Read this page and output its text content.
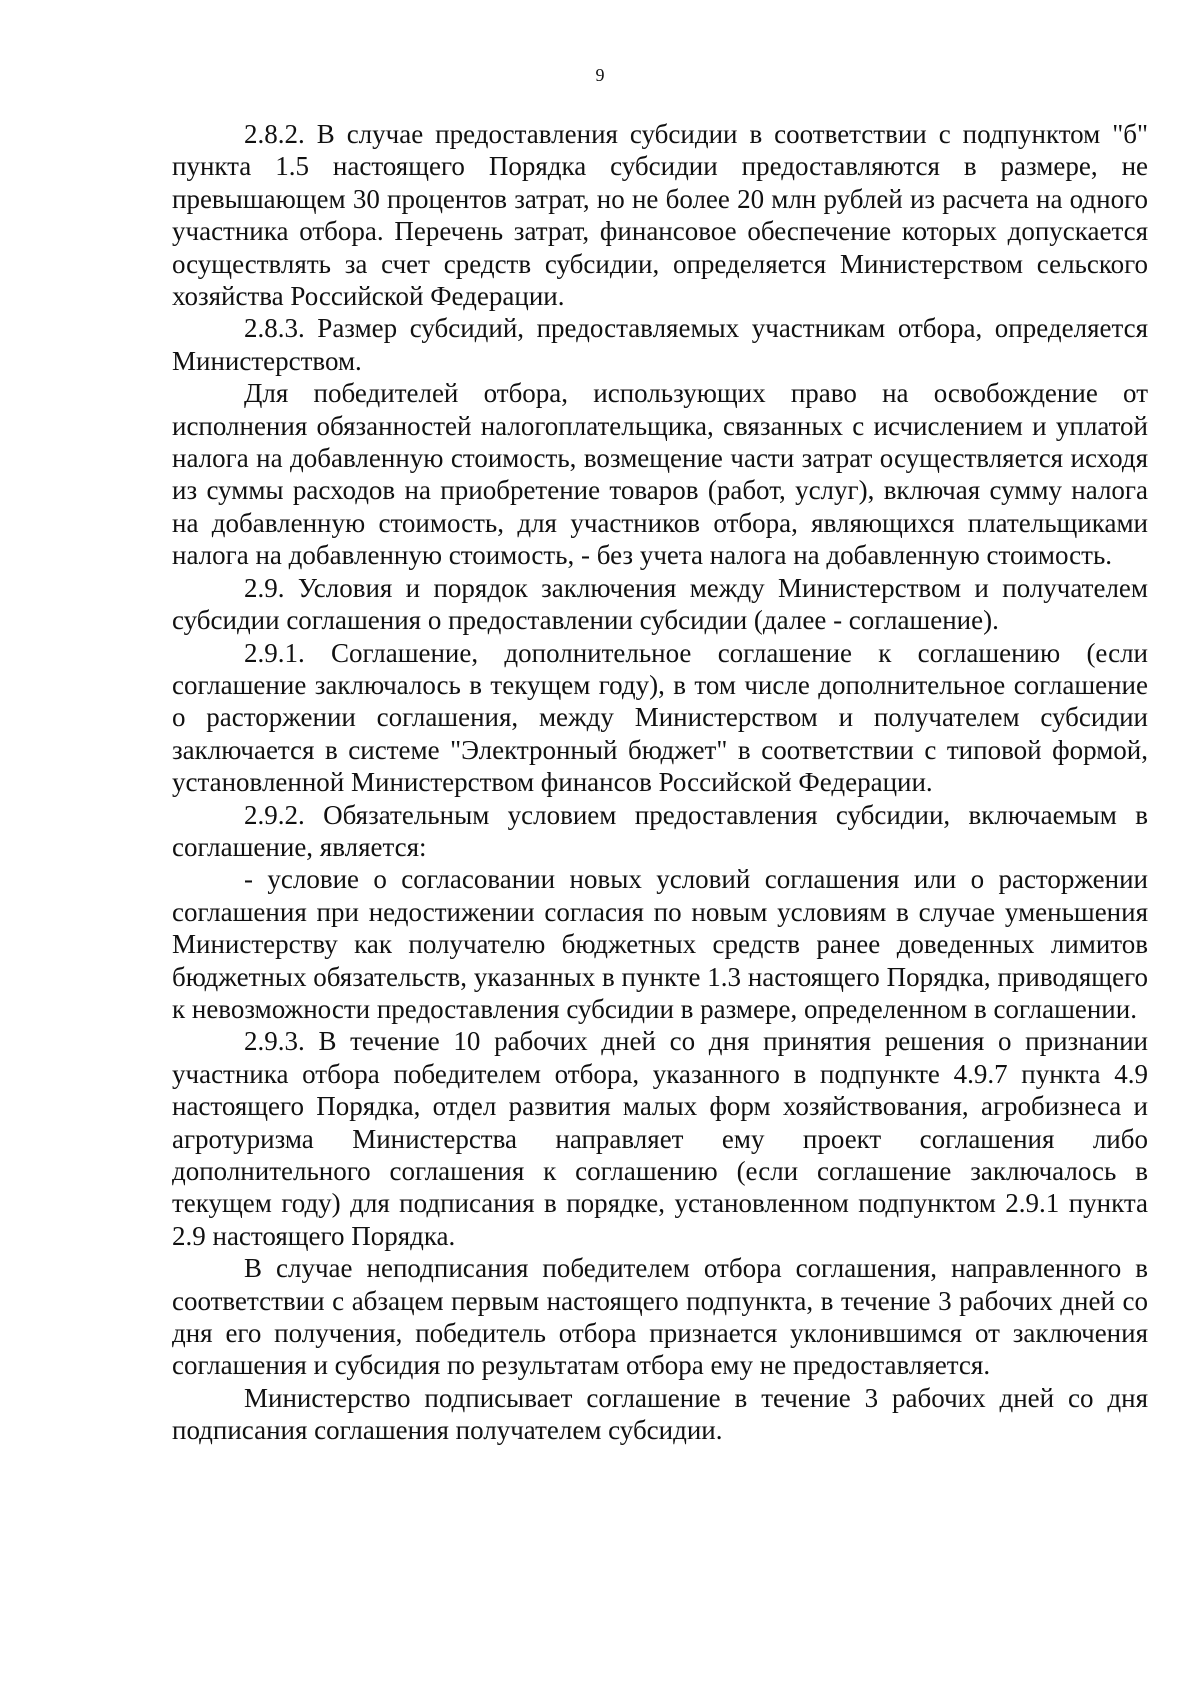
9

2.8.2. В случае предоставления субсидии в соответствии с подпунктом "б" пункта 1.5 настоящего Порядка субсидии предоставляются в размере, не превышающем 30 процентов затрат, но не более 20 млн рублей из расчета на одного участника отбора. Перечень затрат, финансовое обеспечение которых допускается осуществлять за счет средств субсидии, определяется Министерством сельского хозяйства Российской Федерации.

2.8.3. Размер субсидий, предоставляемых участникам отбора, определяется Министерством.

Для победителей отбора, использующих право на освобождение от исполнения обязанностей налогоплательщика, связанных с исчислением и уплатой налога на добавленную стоимость, возмещение части затрат осуществляется исходя из суммы расходов на приобретение товаров (работ, услуг), включая сумму налога на добавленную стоимость, для участников отбора, являющихся плательщиками налога на добавленную стоимость, - без учета налога на добавленную стоимость.

2.9. Условия и порядок заключения между Министерством и получателем субсидии соглашения о предоставлении субсидии (далее - соглашение).

2.9.1. Соглашение, дополнительное соглашение к соглашению (если соглашение заключалось в текущем году), в том числе дополнительное соглашение о расторжении соглашения, между Министерством и получателем субсидии заключается в системе "Электронный бюджет" в соответствии с типовой формой, установленной Министерством финансов Российской Федерации.

2.9.2. Обязательным условием предоставления субсидии, включаемым в соглашение, является:

- условие о согласовании новых условий соглашения или о расторжении соглашения при недостижении согласия по новым условиям в случае уменьшения Министерству как получателю бюджетных средств ранее доведенных лимитов бюджетных обязательств, указанных в пункте 1.3 настоящего Порядка, приводящего к невозможности предоставления субсидии в размере, определенном в соглашении.

2.9.3. В течение 10 рабочих дней со дня принятия решения о признании участника отбора победителем отбора, указанного в подпункте 4.9.7 пункта 4.9 настоящего Порядка, отдел развития малых форм хозяйствования, агробизнеса и агротуризма Министерства направляет ему проект соглашения либо дополнительного соглашения к соглашению (если соглашение заключалось в текущем году) для подписания в порядке, установленном подпунктом 2.9.1 пункта 2.9 настоящего Порядка.

В случае неподписания победителем отбора соглашения, направленного в соответствии с абзацем первым настоящего подпункта, в течение 3 рабочих дней со дня его получения, победитель отбора признается уклонившимся от заключения соглашения и субсидия по результатам отбора ему не предоставляется.

Министерство подписывает соглашение в течение 3 рабочих дней со дня подписания соглашения получателем субсидии.
